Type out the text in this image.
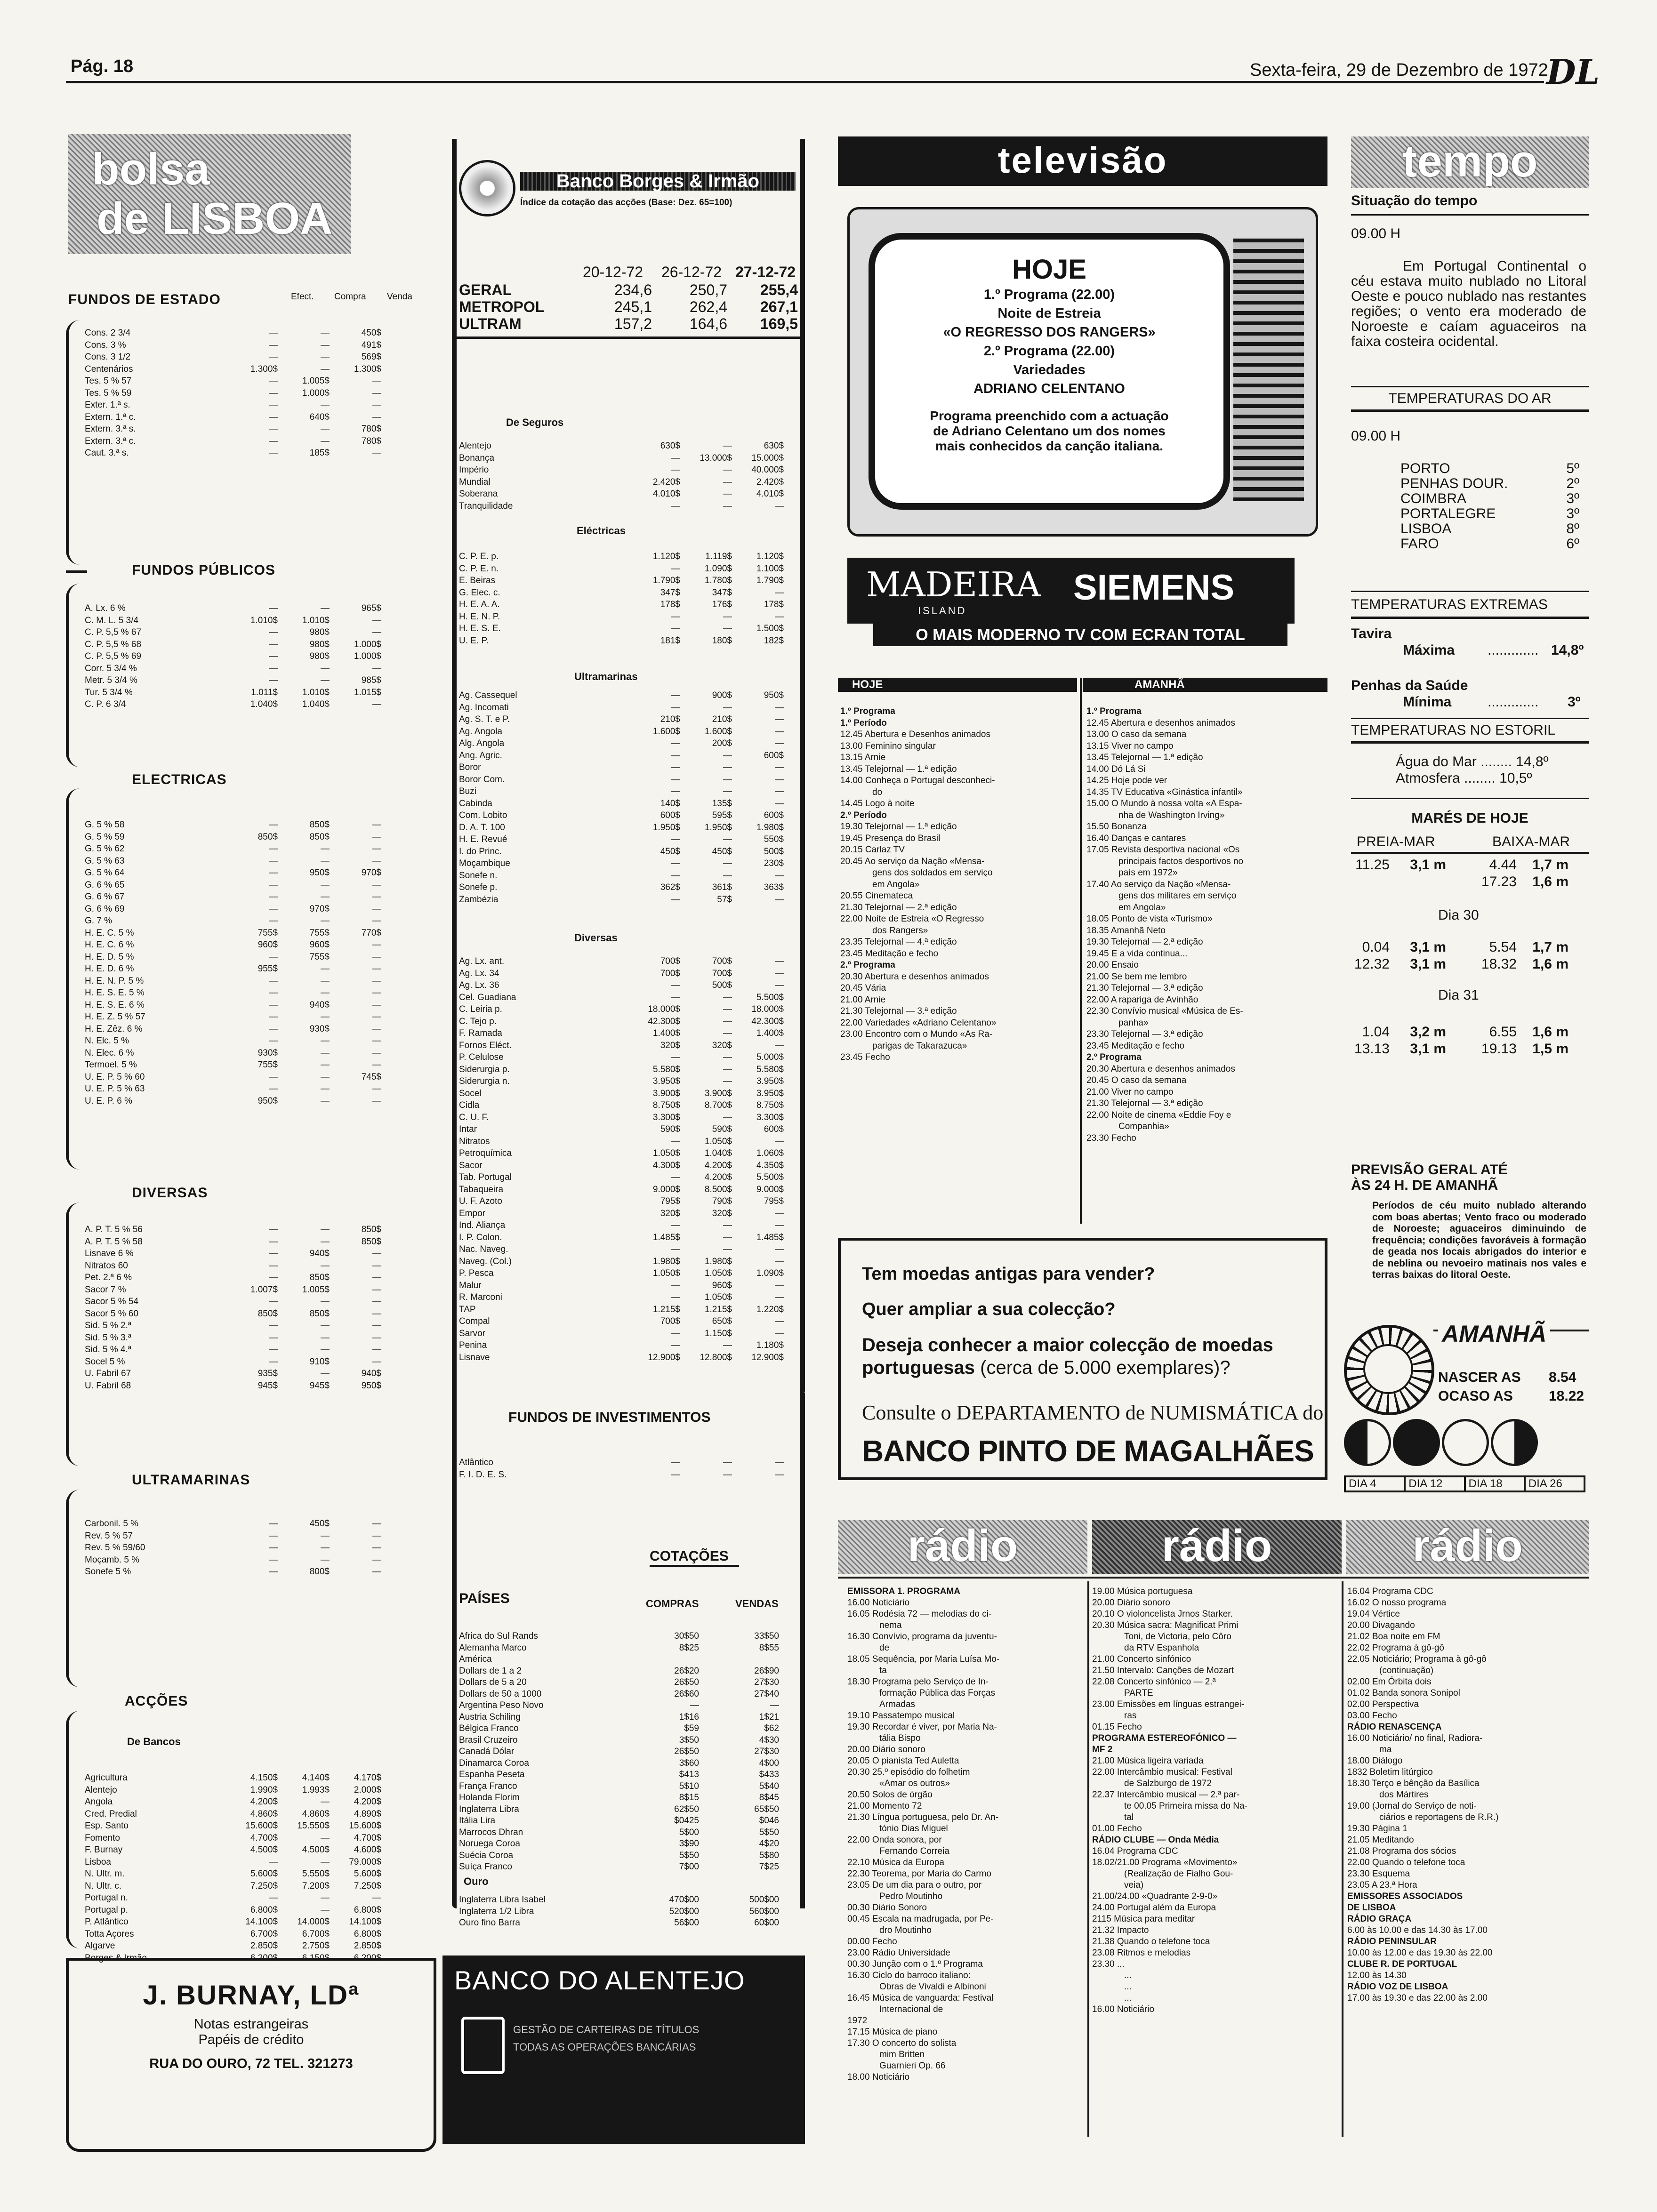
Pág. 18	Sexta-feira, 29 de Dezembro de 1972
DL
bolsa
de LISBOA
FUNDOS DE ESTADO	Efect. Compra Venda
Cons. 2 3/4	—	—	450$
Cons. 3 %	—	—	491$
Cons. 3 1/2	—	—	569$
Centenários	1.300$	—	1.300$
Tes. 5 % 57	—	1.005$	—
Tes. 5 % 59	—	1.000$	—
Exter. 1.ª s.	—	—	—
Extern. 1.ª c.	—	640$	—
Extern. 3.ª s.	—	—	780$
Extern. 3.ª c.	—	—	780$
Caut. 3.ª s.	—	185$	—
FUNDOS PÚBLICOS
A. Lx. 6 %	—	—	965$
C. M. L. 5 3/4	1.010$	1.010$	—
C. P. 5,5 % 67	—	980$	—
C. P. 5,5 % 68	—	980$	1.000$
C. P. 5,5 % 69	—	980$	1.000$
Corr. 5 3/4 %	—	—	—
Metr. 5 3/4 %	—	—	985$
Tur. 5 3/4 %	1.011$	1.010$	1.015$
C. P. 6 3/4	1.040$	1.040$	—
ELECTRICAS
G. 5 % 58	—	850$	—
G. 5 % 59	850$	850$	—
G. 5 % 62	—	—	—
G. 5 % 63	—	—	—
G. 5 % 64	—	950$	970$
G. 6 % 65	—	—	—
G. 6 % 67	—	—	—
G. 6 % 69	—	970$	—
G. 7 %	—	—	—
H. E. C. 5 %	755$	755$	770$
H. E. C. 6 %	960$	960$	—
H. E. D. 5 %	—	755$	—
H. E. D. 6 %	955$	—	—
H. E. N. P. 5 %	—	—	—
H. E. S. E. 5 %	—	—	—
H. E. S. E. 6 %	—	940$	—
H. E. Z. 5 % 57	—	—	—
H. E. Zêz. 6 %	—	930$	—
N. Elc. 5 %	—	—	—
N. Elec. 6 %	930$	—	—
Termoel. 5 %	755$	—	—
U. E. P. 5 % 60	—	—	745$
U. E. P. 5 % 63	—	—	—
U. E. P. 6 %	950$	—	—
DIVERSAS
A. P. T. 5 % 56	—	—	850$
A. P. T. 5 % 58	—	—	850$
Lisnave 6 %	—	940$	—
Nitratos 60	—	—	—
Pet. 2.ª 6 %	—	850$	—
Sacor 7 %	1.007$	1.005$	—
Sacor 5 % 54	—	—	—
Sacor 5 % 60	850$	850$	—
Sid. 5 % 2.ª	—	—	—
Sid. 5 % 3.ª	—	—	—
Sid. 5 % 4.ª	—	—	—
Socel 5 %	—	910$	—
U. Fabril 67	935$	—	940$
U. Fabril 68	945$	945$	950$
ULTRAMARINAS
Carbonil. 5 %	—	450$	—
Rev. 5 % 57	—	—	—
Rev. 5 % 59/60	—	—	—
Moçamb. 5 %	—	—	—
Sonefe 5 %	—	800$	—
ACÇÕES
De Bancos
Agricultura	4.150$	4.140$	4.170$
Alentejo	1.990$	1.993$	2.000$
Angola	4.200$	—	4.200$
Cred. Predial	4.860$	4.860$	4.890$
Esp. Santo	15.600$	15.550$	15.600$
Fomento	4.700$	—	4.700$
F. Burnay	4.500$	4.500$	4.600$
Lisboa	—	—	79.000$
N. Ultr. m.	5.600$	5.550$	5.600$
N. Ultr. c.	7.250$	7.200$	7.250$
Portugal n.	—	—	—
Portugal p.	6.800$	—	6.800$
P. Atlântico	14.100$	14.000$	14.100$
Totta Açores	6.700$	6.700$	6.800$
Algarve	2.850$	2.750$	2.850$
Borges & Irmão	6.200$	6.150$	6.200$
J. BURNAY, LDª
Notas estrangeiras
Papéis de crédito
RUA DO OURO, 72 TEL. 321273
Banco Borges & Irmão
Índice da cotação das acções (Base: Dez. 65=100)
20-12-72 26-12-72 27-12-72
GERAL	234,6	250,7	255,4
METROPOL	245,1	262,4	267,1
ULTRAM	157,2	164,6	169,5
De Seguros
Alentejo	630$	—	630$
Bonança	—	13.000$	15.000$
Império	—	—	40.000$
Mundial	2.420$	—	2.420$
Soberana	4.010$	—	4.010$
Tranquilidade	—	—	—
Eléctricas
C. P. E. p.	1.120$	1.119$	1.120$
C. P. E. n.	—	1.090$	1.100$
E. Beiras	1.790$	1.780$	1.790$
G. Elec. c.	347$	347$	—
H. E. A. A.	178$	176$	178$
H. E. N. P.	—	—	—
H. E. S. E.	—	—	1.500$
U. E. P.	181$	180$	182$
Ultramarinas
Ag. Cassequel	—	900$	950$
Ag. Incomati	—	—	—
Ag. S. T. e P.	210$	210$	—
Ag. Angola	1.600$	1.600$	—
Alg. Angola	—	200$	—
Ang. Agric.	—	—	600$
Boror	—	—	—
Boror Com.	—	—	—
Buzi	—	—	—
Cabinda	140$	135$	—
Com. Lobito	600$	595$	600$
D. A. T. 100	1.950$	1.950$	1.980$
H. E. Revué	—	—	550$
I. do Princ.	450$	450$	500$
Moçambique	—	—	230$
Sonefe n.	—	—	—
Sonefe p.	362$	361$	363$
Zambézia	—	57$	—
Diversas
Ag. Lx. ant.	700$	700$	—
Ag. Lx. 34	700$	700$	—
Ag. Lx. 36	—	500$	—
Cel. Guadiana	—	—	5.500$
C. Leiria p.	18.000$	—	18.000$
C. Tejo p.	42.300$	—	42.300$
F. Ramada	1.400$	—	1.400$
Fornos Eléct.	320$	320$	—
P. Celulose	—	—	5.000$
Siderurgia p.	5.580$	—	5.580$
Siderurgia n.	3.950$	—	3.950$
Socel	3.900$	3.900$	3.950$
Cidla	8.750$	8.700$	8.750$
C. U. F.	3.300$	—	3.300$
Intar	590$	590$	600$
Nitratos	—	1.050$	—
Petroquímica	1.050$	1.040$	1.060$
Sacor	4.300$	4.200$	4.350$
Tab. Portugal	—	4.200$	5.500$
Tabaqueira	9.000$	8.500$	9.000$
U. F. Azoto	795$	790$	795$
Empor	320$	320$	—
Ind. Aliança	—	—	—
I. P. Colon.	1.485$	—	1.485$
Nac. Naveg.	—	—	—
Naveg. (Col.)	1.980$	1.980$	—
P. Pesca	1.050$	1.050$	1.090$
Malur	—	960$	—
R. Marconi	—	1.050$	—
TAP	1.215$	1.215$	1.220$
Compal	700$	650$	—
Sarvor	—	1.150$	—
Penina	—	—	1.180$
Lisnave	12.900$	12.800$	12.900$
FUNDOS DE INVESTIMENTOS
Atlântico	—	—	—
F. I. D. E. S.	—	—	—
COTAÇÕES
PAÍSES	COMPRAS	VENDAS
Africa do Sul Rands	30$50	33$50
Alemanha Marco	8$25	8$55
América		
Dollars de 1 a 2	26$20	26$90
Dollars de 5 a 20	26$50	27$30
Dollars de 50 a 1000	26$60	27$40
Argentina Peso Novo	—	—
Austria Schiling	1$16	1$21
Bélgica Franco	$59	$62
Brasil Cruzeiro	3$50	4$30
Canadá Dólar	26$50	27$30
Dinamarca Coroa	3$60	4$00
Espanha Peseta	$413	$433
França Franco	5$10	5$40
Holanda Florim	8$15	8$45
Inglaterra Libra	62$50	65$50
Itália Lira	$0425	$046
Marrocos Dhran	5$00	5$50
Noruega Coroa	3$90	4$20
Suécia Coroa	5$50	5$80
Suíça Franco	7$00	7$25
Ouro
Inglaterra Libra Isabel	470$00	500$00
Inglaterra 1/2 Libra	520$00	560$00
Ouro fino Barra	56$00	60$00
BANCO DO ALENTEJO
GESTÃO DE CARTEIRAS DE TÍTULOS
TODAS AS OPERAÇÕES BANCÁRIAS
televisão
HOJE
1.º Programa (22.00)
Noite de Estreia
«O REGRESSO DOS RANGERS»
2.º Programa (22.00)
Variedades
ADRIANO CELENTANO
Programa preenchido com a actuação
de Adriano Celentano um dos nomes
mais conhecidos da canção italiana.
MADEIRA
ISLAND
SIEMENS
O MAIS MODERNO TV COM ECRAN TOTAL
HOJE	AMANHÃ
1.º Programa
1.º Período
12.45 Abertura e Desenhos animados
13.00 Feminino singular
13.15 Arnie
13.45 Telejornal — 1.ª edição
14.00 Conheça o Portugal desconheci-
do
14.45 Logo à noite
2.º Período
19.30 Telejornal — 1.ª edição
19.45 Presença do Brasil
20.15 Carlaz TV
20.45 Ao serviço da Nação «Mensa-
gens dos soldados em serviço
em Angola»
20.55 Cinemateca
21.30 Telejornal — 2.ª edição
22.00 Noite de Estreia «O Regresso
dos Rangers»
23.35 Telejornal — 4.ª edição
23.45 Meditação e fecho
2.º Programa
20.30 Abertura e desenhos animados
20.45 Vária
21.00 Arnie
21.30 Telejornal — 3.ª edição
22.00 Variedades «Adriano Celentano»
23.00 Encontro com o Mundo «As Ra-
parigas de Takarazuca»
23.45 Fecho
1.º Programa
12.45 Abertura e desenhos animados
13.00 O caso da semana
13.15 Viver no campo
13.45 Telejornal — 1.ª edição
14.00 Dó Lá Si
14.25 Hoje pode ver
14.35 TV Educativa «Ginástica infantil»
15.00 O Mundo à nossa volta «A Espa-
nha de Washington Irving»
15.50 Bonanza
16.40 Danças e cantares
17.05 Revista desportiva nacional «Os
principais factos desportivos no
país em 1972»
17.40 Ao serviço da Nação «Mensa-
gens dos militares em serviço
em Angola»
18.05 Ponto de vista «Turismo»
18.35 Amanhã Neto
19.30 Telejornal — 2.ª edição
19.45 E a vida continua...
20.00 Ensaio
21.00 Se bem me lembro
21.30 Telejornal — 3.ª edição
22.00 A rapariga de Avinhão
22.30 Convívio musical «Música de Es-
panha»
23.30 Telejornal — 3.ª edição
23.45 Meditação e fecho
2.º Programa
20.30 Abertura e desenhos animados
20.45 O caso da semana
21.00 Viver no campo
21.30 Telejornal — 3.ª edição
22.00 Noite de cinema «Eddie Foy e
Companhia»
23.30 Fecho
Tem moedas antigas para vender?
Quer ampliar a sua colecção?
Deseja conhecer a maior colecção de moedas
portuguesas (cerca de 5.000 exemplares)?
Consulte o DEPARTAMENTO de NUMISMÁTICA do
BANCO PINTO DE MAGALHÃES
tempo
Situação do tempo
09.00 H
Em Portugal Continental o céu estava muito nublado no Litoral Oeste e pouco nublado nas restantes regiões; o vento era moderado de Noroeste e caíam aguaceiros na faixa costeira ocidental.
TEMPERATURAS DO AR
09.00 H
PORTO	5º
PENHAS DOUR.	2º
COIMBRA	3º
PORTALEGRE	3º
LISBOA	8º
FARO	6º
TEMPERATURAS EXTREMAS
Tavira
Máxima ............. 14,8º
Penhas da Saúde
Mínima	............. 3º
TEMPERATURAS NO ESTORIL
Água do Mar ........ 14,8º
Atmosfera ........ 10,5º
MARÉS DE HOJE
PREIA-MAR	BAIXA-MAR
11.25	3,1 m	4.44	1,7 m
		17.23	1,6 m
Dia 30
0.04	3,1 m	5.54	1,7 m
12.32	3,1 m	18.32	1,6 m
Dia 31
1.04	3,2 m	6.55	1,6 m
13.13	3,1 m	19.13	1,5 m
PREVISÃO GERAL ATÉ
ÀS 24 H. DE AMANHÃ
Períodos de céu muito nublado alterando com boas abertas; Vento fraco ou moderado de Noroeste; aguaceiros diminuindo de frequência; condições favoráveis à formação de geada nos locais abrigados do interior e de neblina ou nevoeiro matinais nos vales e terras baixas do litoral Oeste.
AMANHÃ
NASCER AS 8.54
OCASO AS	18.22
DIA 4	DIA 12	DIA 18	DIA 26
rádio	rádio	rádio
EMISSORA 1. PROGRAMA
16.00 Noticiário
16.05 Rodésia 72 — melodias do ci-
nema
16.30 Convívio, programa da juventu-
de
18.05 Sequência, por Maria Luísa Mo-
ta
18.30 Programa pelo Serviço de In-
formação Pública das Forças
Armadas
19.10 Passatempo musical
19.30 Recordar é viver, por Maria Na-
tália Bispo
20.00 Diário sonoro
20.05 O pianista Ted Auletta
20.30 25.º episódio do folhetim
«Amar os outros»
20.50 Solos de órgão
21.00 Momento 72
21.30 Língua portuguesa, pelo Dr. An-
tónio Dias Miguel
22.00 Onda sonora, por
Fernando Correia
22.10 Música da Europa
22.30 Teorema, por Maria do Carmo
23.05 De um dia para o outro, por
Pedro Moutinho
00.30 Diário Sonoro
00.45 Escala na madrugada, por Pe-
dro Moutinho
00.00 Fecho
23.00 Rádio Universidade
00.30 Junção com o 1.º Programa
16.30 Ciclo do barroco italiano:
Obras de Vivaldi e Albinoni
16.45 Música de vanguarda: Festival
Internacional de
1972
17.15 Música de piano
17.30 O concerto do solista
mim Britten
Guarnieri Op. 66
18.00 Noticiário
19.00 Música portuguesa
20.00 Diário sonoro
20.10 O violoncelista Jrnos Starker.
20.30 Música sacra: Magnificat Primi
Toni, de Victoria, pelo Côro
da RTV Espanhola
21.00 Concerto sinfónico
21.50 Intervalo: Canções de Mozart
22.08 Concerto sinfónico — 2.ª
PARTE
23.00 Emissões em línguas estrangei-
ras
01.15 Fecho
PROGRAMA ESTEREOFÓNICO —
MF 2
21.00 Música ligeira variada
22.00 Intercâmbio musical: Festival
de Salzburgo de 1972
22.37 Intercâmbio musical — 2.ª par-
te 00.05 Primeira missa do Na-
tal
01.00 Fecho
RÁDIO CLUBE — Onda Média
16.04 Programa CDC
18.02/21.00 Programa «Movimento»
(Realização de Fialho Gou-
veia)
21.00/24.00 «Quadrante 2-9-0»
24.00 Portugal além da Europa
2115 Música para meditar
21.32 Impacto
21.38 Quando o telefone toca
23.08 Ritmos e melodias
23.30 ...
...
...
...
16.00 Noticiário
16.04 Programa CDC
16.02 O nosso programa
19.04 Vértice
20.00 Divagando
21.02 Boa noite em FM
22.02 Programa à gô-gô
22.05 Noticiário; Programa à gô-gô
(continuação)
02.00 Em Órbita dois
01.02 Banda sonora Sonipol
02.00 Perspectiva
03.00 Fecho
RÁDIO RENASCENÇA
16.00 Noticiário/ no final, Radiora-
ma
18.00 Diálogo
1832 Boletim litúrgico
18.30 Terço e bênção da Basílica
dos Mártires
19.00 (Jornal do Serviço de noti-
ciários e reportagens de R.R.)
19.30 Página 1
21.05 Meditando
21.08 Programa dos sócios
22.00 Quando o telefone toca
23.30 Esquema
23.05 A 23.ª Hora
EMISSORES ASSOCIADOS
DE LISBOA
RÁDIO GRAÇA
6.00 às 10.00 e das 14.30 às 17.00
RÁDIO PENINSULAR
10.00 às 12.00 e das 19.30 às 22.00
CLUBE R. DE PORTUGAL
12.00 às 14.30
RÁDIO VOZ DE LISBOA
17.00 às 19.30 e das 22.00 às 2.00
